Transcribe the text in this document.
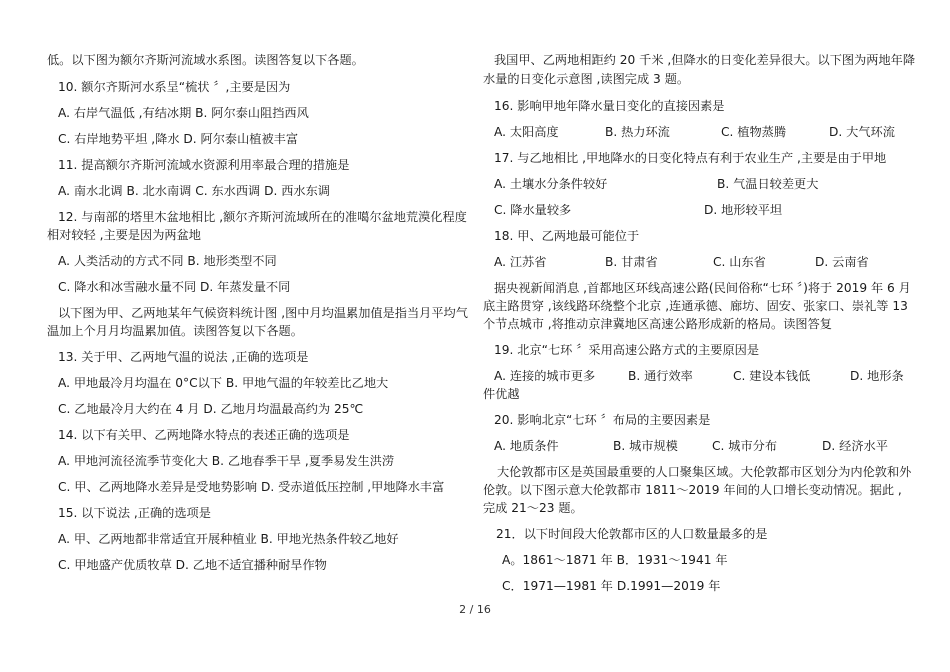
低。以下图为额尔齐斯河流域水系图。读图答复以下各题。
10. 额尔齐斯河水系呈“梳状 〞,主要是因为
A. 右岸气温低 ,有结冰期 B. 阿尔泰山阻挡西风
C. 右岸地势平坦 ,降水 D. 阿尔泰山植被丰富
11. 提高额尔齐斯河流域水资源利用率最合理的措施是
A. 南水北调 B. 北水南调 C. 东水西调 D. 西水东调
12. 与南部的塔里木盆地相比 ,额尔齐斯河流域所在的准噶尔盆地荒漠化程度
相对较轻 ,主要是因为两盆地
A. 人类活动的方式不同 B. 地形类型不同
C. 降水和冰雪融水量不同 D. 年蒸发量不同
以下图为甲、乙两地某年气候资料统计图 ,图中月均温累加值是指当月平均气
温加上个月月均温累加值。读图答复以下各题。
13. 关于甲、乙两地气温的说法 ,正确的选项是
A. 甲地最冷月均温在 0°C以下 B. 甲地气温的年较差比乙地大
C. 乙地最冷月大约在 4 月 D. 乙地月均温最高约为 25℃
14. 以下有关甲、乙两地降水特点的表述正确的选项是
A. 甲地河流径流季节变化大 B. 乙地春季干旱 ,夏季易发生洪涝
C. 甲、乙两地降水差异是受地势影响 D. 受赤道低压控制 ,甲地降水丰富
15. 以下说法 ,正确的选项是
A. 甲、乙两地都非常适宜开展种植业 B. 甲地光热条件较乙地好
C. 甲地盛产优质牧草 D. 乙地不适宜播种耐旱作物
我国甲、乙两地相距约 20 千米 ,但降水的日变化差异很大。以下图为两地年降
水量的日变化示意图 ,读图完成 3 题。
16. 影响甲地年降水量日变化的直接因素是
A. 太阳高度	B. 热力环流	C. 植物蒸腾	D. 大气环流
17. 与乙地相比 ,甲地降水的日变化特点有利于农业生产 ,主要是由于甲地
A. 土壤水分条件较好	B. 气温日较差更大
C. 降水量较多	D. 地形较平坦
18. 甲、乙两地最可能位于
A. 江苏省	B. 甘肃省	C. 山东省	D. 云南省
据央视新闻消息 ,首都地区环线高速公路(民间俗称“七环 〞)将于 2019 年 6 月
底主路贯穿 ,该线路环绕整个北京 ,连通承德、廊坊、固安、张家口、崇礼等 13
个节点城市 ,将推动京津冀地区高速公路形成新的格局。读图答复
19. 北京“七环 〞采用高速公路方式的主要原因是
A. 连接的城市更多	B. 通行效率	C. 建设本钱低	D. 地形条
件优越
20. 影响北京“七环 〞布局的主要因素是
A. 地质条件	B. 城市规模	C. 城市分布	D. 经济水平
大伦敦都市区是英国最重要的人口聚集区域。大伦敦都市区划分为内伦敦和外
伦敦。以下图示意大伦敦都市 1811～2019 年间的人口增长变动情况。据此 ,
完成 21～23 题。
21．以下时间段大伦敦都市区的人口数量最多的是
A。1861～1871 年 B．1931～1941 年
C．1971—1981 年 D.1991—2019 年
2 / 16
